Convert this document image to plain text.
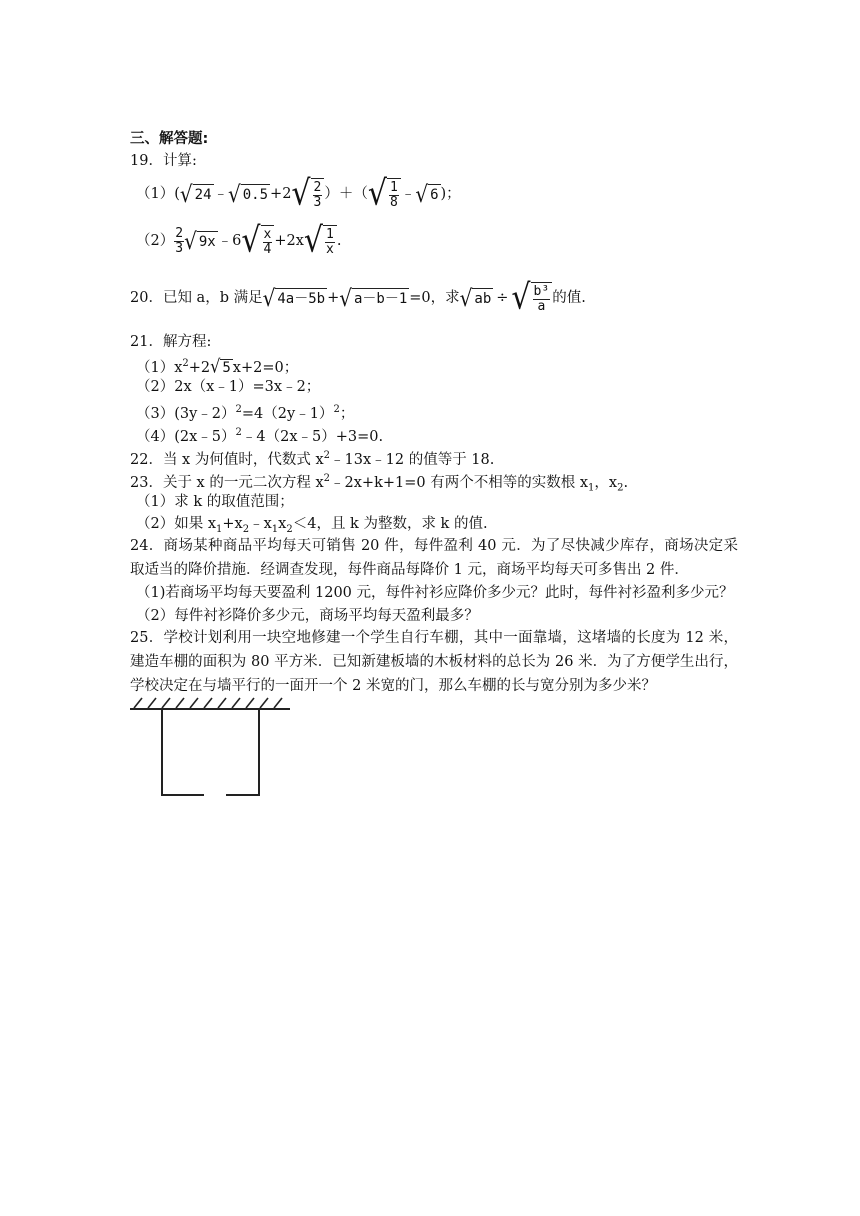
三、解答题:
19．计算:
（1）( √ 24 ﹣ √ 0.5 +2 √ $\frac{2}{3}$ ）＋（ √ $\frac{1}{8}$ ﹣ √ 6 )；
$(2) \frac{2}{3}$ √ 9x ﹣6 √ $\frac{x}{4} +2x$ √ $\frac{1}{x}$ .
20．已知 a，b 满足 √ 4a－5b + √ a－b－1 =0，求 √ ab ÷ √ $\frac{\text{b³}}{a}$ 的值.
21．解方程:
$(1)x^2+2$ √ 5 x+2=0；
（2）2x（x﹣1）=3x﹣2；
（3）(3y﹣2）$^2$=4（2y﹣1）$^2$；
（4）(2x﹣5）$^2$﹣4（2x﹣5）+3=0.
22．当 x 为何值时，代数式 $x^2﹣13x﹣12$ 的值等于 18.
23．关于 x 的一元二次方程 $x^2﹣2x+k+1=0$ 有两个不相等的实数根 $x_1$，$x_2$.
（1）求 k 的取值范围；
（2）如果 $x_1+x_2﹣x_1x_2<4$，且 k 为整数，求 k 的值.
24．商场某种商品平均每天可销售 20 件，每件盈利 40 元．为了尽快减少库存，商场决定采取适当的降价措施．经调查发现，每件商品每降价 1 元，商场平均每天可多售出 2 件．
（1)若商场平均每天要盈利 1200 元，每件衬衫应降价多少元？此时，每件衬衫盈利多少元？
（2）每件衬衫降价多少元，商场平均每天盈利最多？
25．学校计划利用一块空地修建一个学生自行车棚，其中一面靠墙，这堵墙的长度为 12 米，建造车棚的面积为 80 平方米．已知新建板墙的木板材料的总长为 26 米．为了方便学生出行，学校决定在与墙平行的一面开一个 2 米宽的门，那么车棚的长与宽分别为多少米？
